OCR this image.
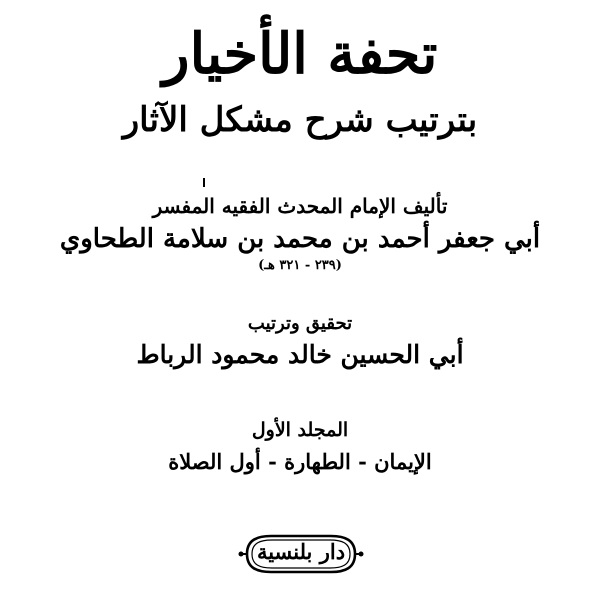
تحفة الأخيار
بترتيب شرح مشكل الآثار
تأليف الإمام المحدث الفقيه المفسر
أبي جعفر أحمد بن محمد بن سلامة الطحاوي
(٢٣٩ - ٣٢١ هـ)
تحقيق وترتيب
أبي الحسين خالد محمود الرباط
المجلد الأول
الإيمان - الطهارة - أول الصلاة
دار بلنسية
